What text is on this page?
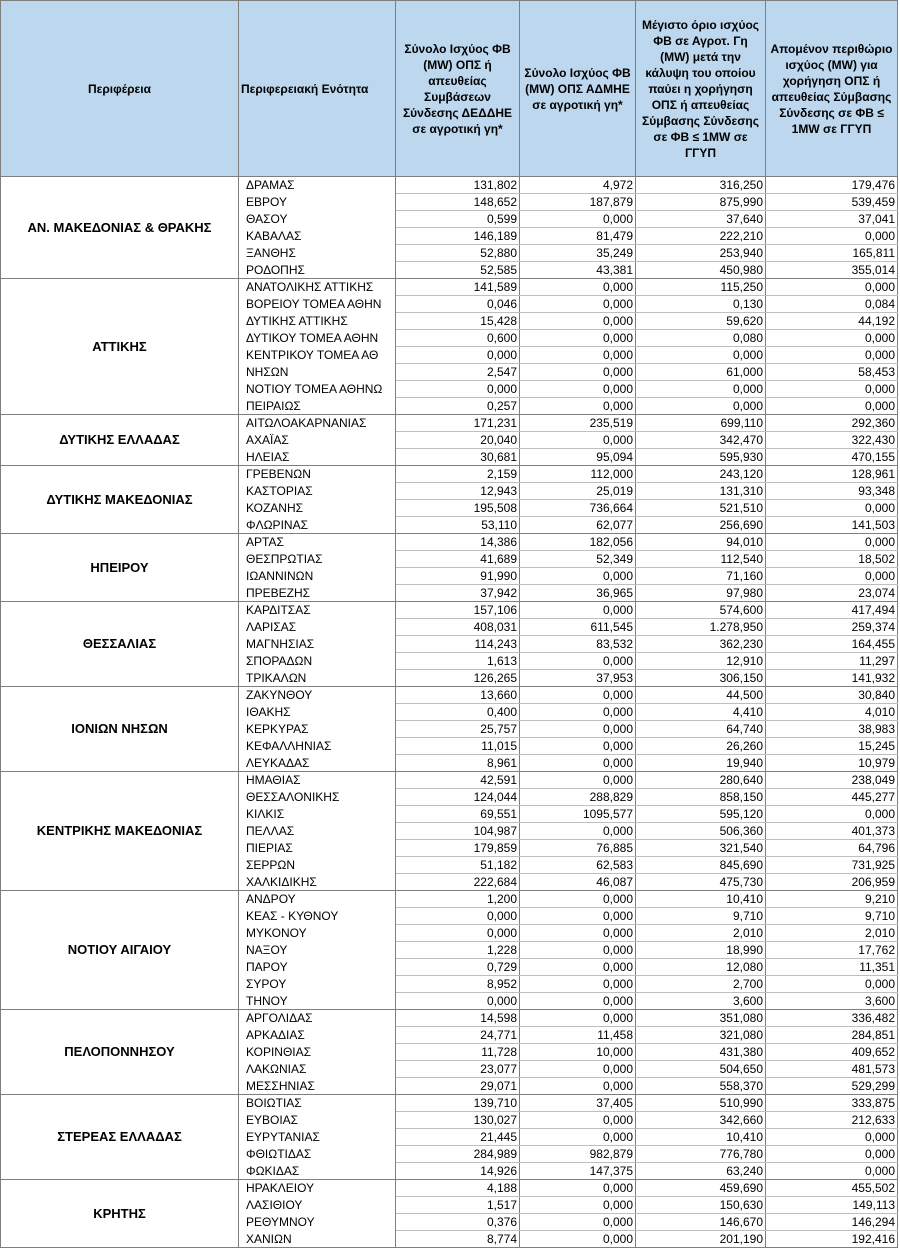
Περιφέρεια	Περιφερειακή Ενότητα	Σύνολο Ισχύος ΦΒ (MW) ΟΠΣ ή απευθείας Συμβάσεων Σύνδεσης ΔΕΔΔΗΕ σε αγροτική γη*	Σύνολο Ισχύος ΦΒ (MW) ΟΠΣ ΑΔΜΗΕ σε αγροτική γη*	Μέγιστο όριο ισχύος ΦΒ σε Αγροτ. Γη (MW) μετά την κάλυψη του οποίου παύει η χορήγηση ΟΠΣ ή απευθείας Σύμβασης Σύνδεσης σε ΦΒ ≤ 1MW σε ΓΓΥΠ	Απομένον περιθώριο ισχύος (MW) για χορήγηση ΟΠΣ ή απευθείας Σύμβασης Σύνδεσης σε ΦΒ ≤ 1MW σε ΓΓΥΠ
ΑΝ. ΜΑΚΕΔΟΝΙΑΣ & ΘΡΑΚΗΣ	ΔΡΑΜΑΣ	131,802	4,972	316,250	179,476
	ΕΒΡΟΥ	148,652	187,879	875,990	539,459
	ΘΑΣΟΥ	0,599	0,000	37,640	37,041
	ΚΑΒΑΛΑΣ	146,189	81,479	222,210	0,000
	ΞΑΝΘΗΣ	52,880	35,249	253,940	165,811
	ΡΟΔΟΠΗΣ	52,585	43,381	450,980	355,014
ΑΤΤΙΚΗΣ	ΑΝΑΤΟΛΙΚΗΣ ΑΤΤΙΚΗΣ	141,589	0,000	115,250	0,000
	ΒΟΡΕΙΟΥ ΤΟΜΕΑ ΑΘΗΝ	0,046	0,000	0,130	0,084
	ΔΥΤΙΚΗΣ ΑΤΤΙΚΗΣ	15,428	0,000	59,620	44,192
	ΔΥΤΙΚΟΥ ΤΟΜΕΑ ΑΘΗΝ	0,600	0,000	0,080	0,000
	ΚΕΝΤΡΙΚΟΥ ΤΟΜΕΑ ΑΘ	0,000	0,000	0,000	0,000
	ΝΗΣΩΝ	2,547	0,000	61,000	58,453
	ΝΟΤΙΟΥ ΤΟΜΕΑ ΑΘΗΝΩ	0,000	0,000	0,000	0,000
	ΠΕΙΡΑΙΩΣ	0,257	0,000	0,000	0,000
ΔΥΤΙΚΗΣ ΕΛΛΑΔΑΣ	ΑΙΤΩΛΟΑΚΑΡΝΑΝΙΑΣ	171,231	235,519	699,110	292,360
	ΑΧΑΪΑΣ	20,040	0,000	342,470	322,430
	ΗΛΕΙΑΣ	30,681	95,094	595,930	470,155
ΔΥΤΙΚΗΣ ΜΑΚΕΔΟΝΙΑΣ	ΓΡΕΒΕΝΩΝ	2,159	112,000	243,120	128,961
	ΚΑΣΤΟΡΙΑΣ	12,943	25,019	131,310	93,348
	ΚΟΖΑΝΗΣ	195,508	736,664	521,510	0,000
	ΦΛΩΡΙΝΑΣ	53,110	62,077	256,690	141,503
ΗΠΕΙΡΟΥ	ΑΡΤΑΣ	14,386	182,056	94,010	0,000
	ΘΕΣΠΡΩΤΙΑΣ	41,689	52,349	112,540	18,502
	ΙΩΑΝΝΙΝΩΝ	91,990	0,000	71,160	0,000
	ΠΡΕΒΕΖΗΣ	37,942	36,965	97,980	23,074
ΘΕΣΣΑΛΙΑΣ	ΚΑΡΔΙΤΣΑΣ	157,106	0,000	574,600	417,494
	ΛΑΡΙΣΑΣ	408,031	611,545	1.278,950	259,374
	ΜΑΓΝΗΣΙΑΣ	114,243	83,532	362,230	164,455
	ΣΠΟΡΑΔΩΝ	1,613	0,000	12,910	11,297
	ΤΡΙΚΑΛΩΝ	126,265	37,953	306,150	141,932
ΙΟΝΙΩΝ ΝΗΣΩΝ	ΖΑΚΥΝΘΟΥ	13,660	0,000	44,500	30,840
	ΙΘΑΚΗΣ	0,400	0,000	4,410	4,010
	ΚΕΡΚΥΡΑΣ	25,757	0,000	64,740	38,983
	ΚΕΦΑΛΛΗΝΙΑΣ	11,015	0,000	26,260	15,245
	ΛΕΥΚΑΔΑΣ	8,961	0,000	19,940	10,979
ΚΕΝΤΡΙΚΗΣ ΜΑΚΕΔΟΝΙΑΣ	ΗΜΑΘΙΑΣ	42,591	0,000	280,640	238,049
	ΘΕΣΣΑΛΟΝΙΚΗΣ	124,044	288,829	858,150	445,277
	ΚΙΛΚΙΣ	69,551	1095,577	595,120	0,000
	ΠΕΛΛΑΣ	104,987	0,000	506,360	401,373
	ΠΙΕΡΙΑΣ	179,859	76,885	321,540	64,796
	ΣΕΡΡΩΝ	51,182	62,583	845,690	731,925
	ΧΑΛΚΙΔΙΚΗΣ	222,684	46,087	475,730	206,959
ΝΟΤΙΟΥ ΑΙΓΑΙΟΥ	ΑΝΔΡΟΥ	1,200	0,000	10,410	9,210
	ΚΕΑΣ - ΚΥΘΝΟΥ	0,000	0,000	9,710	9,710
	ΜΥΚΟΝΟΥ	0,000	0,000	2,010	2,010
	ΝΑΞΟΥ	1,228	0,000	18,990	17,762
	ΠΑΡΟΥ	0,729	0,000	12,080	11,351
	ΣΥΡΟΥ	8,952	0,000	2,700	0,000
	ΤΗΝΟΥ	0,000	0,000	3,600	3,600
ΠΕΛΟΠΟΝΝΗΣΟΥ	ΑΡΓΟΛΙΔΑΣ	14,598	0,000	351,080	336,482
	ΑΡΚΑΔΙΑΣ	24,771	11,458	321,080	284,851
	ΚΟΡΙΝΘΙΑΣ	11,728	10,000	431,380	409,652
	ΛΑΚΩΝΙΑΣ	23,077	0,000	504,650	481,573
	ΜΕΣΣΗΝΙΑΣ	29,071	0,000	558,370	529,299
ΣΤΕΡΕΑΣ ΕΛΛΑΔΑΣ	ΒΟΙΩΤΙΑΣ	139,710	37,405	510,990	333,875
	ΕΥΒΟΙΑΣ	130,027	0,000	342,660	212,633
	ΕΥΡΥΤΑΝΙΑΣ	21,445	0,000	10,410	0,000
	ΦΘΙΩΤΙΔΑΣ	284,989	982,879	776,780	0,000
	ΦΩΚΙΔΑΣ	14,926	147,375	63,240	0,000
ΚΡΗΤΗΣ	ΗΡΑΚΛΕΙΟΥ	4,188	0,000	459,690	455,502
	ΛΑΣΙΘΙΟΥ	1,517	0,000	150,630	149,113
	ΡΕΘΥΜΝΟΥ	0,376	0,000	146,670	146,294
	ΧΑΝΙΩΝ	8,774	0,000	201,190	192,416
